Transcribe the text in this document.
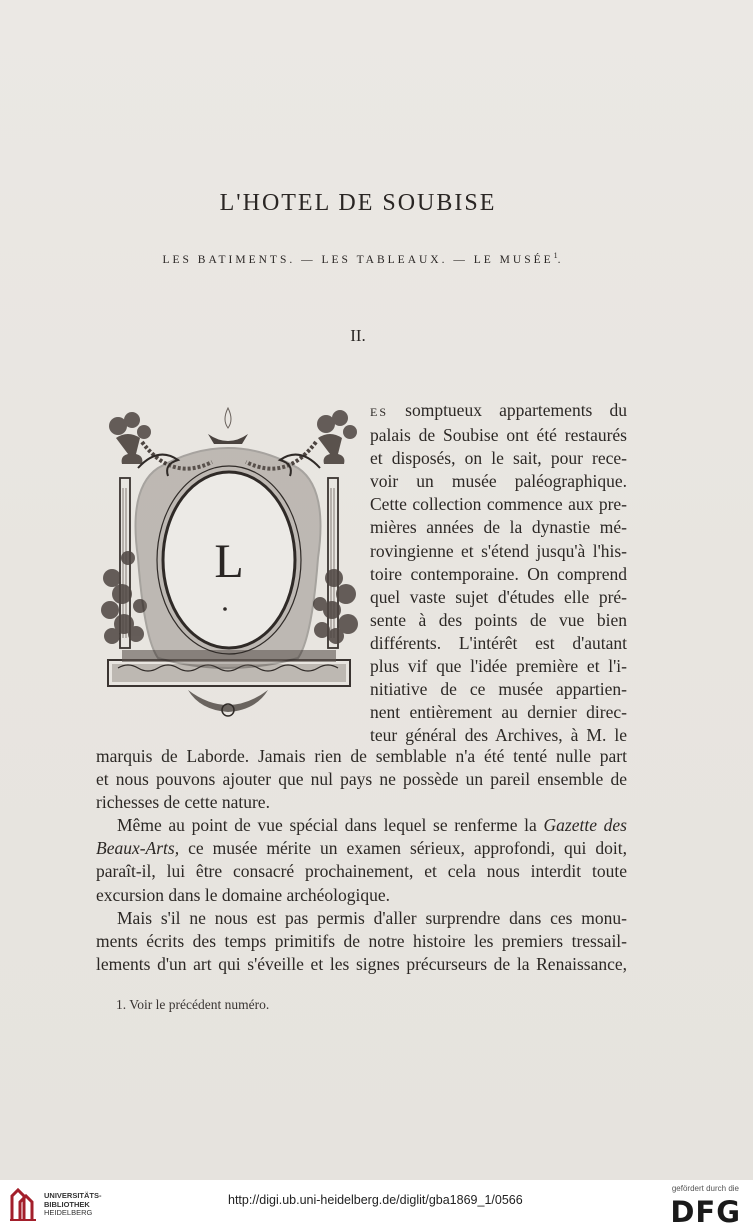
L'HOTEL DE SOUBISE
LES BATIMENTS. — LES TABLEAUX. — LE MUSÉE$^1$.
II.
L
ES somptueux appartements du
palais de Soubise ont été restaurés
et disposés, on le sait, pour rece-
voir un musée paléographique.
Cette collection commence aux pre-
mières années de la dynastie mé-
rovingienne et s'étend jusqu'à l'his-
toire contemporaine. On comprend
quel vaste sujet d'études elle pré-
sente à des points de vue bien
différents. L'intérêt est d'autant
plus vif que l'idée première et l'i-
nitiative de ce musée appartien-
nent entièrement au dernier direc-
teur général des Archives, à M. le
marquis de Laborde. Jamais rien de semblable n'a été tenté nulle part
et nous pouvons ajouter que nul pays ne possède un pareil ensemble de
richesses de cette nature.
Même au point de vue spécial dans lequel se renferme la Gazette des
Beaux-Arts, ce musée mérite un examen sérieux, approfondi, qui doit,
paraît-il, lui être consacré prochainement, et cela nous interdit toute
excursion dans le domaine archéologique.
Mais s'il ne nous est pas permis d'aller surprendre dans ces monu-
ments écrits des temps primitifs de notre histoire les premiers tressail-
lements d'un art qui s'éveille et les signes précurseurs de la Renaissance,
1. Voir le précédent numéro.
UNIVERSITÄTS-
BIBLIOTHEK
HEIDELBERG
http://digi.ub.uni-heidelberg.de/diglit/gba1869_1/0566
gefördert durch die
DFG
